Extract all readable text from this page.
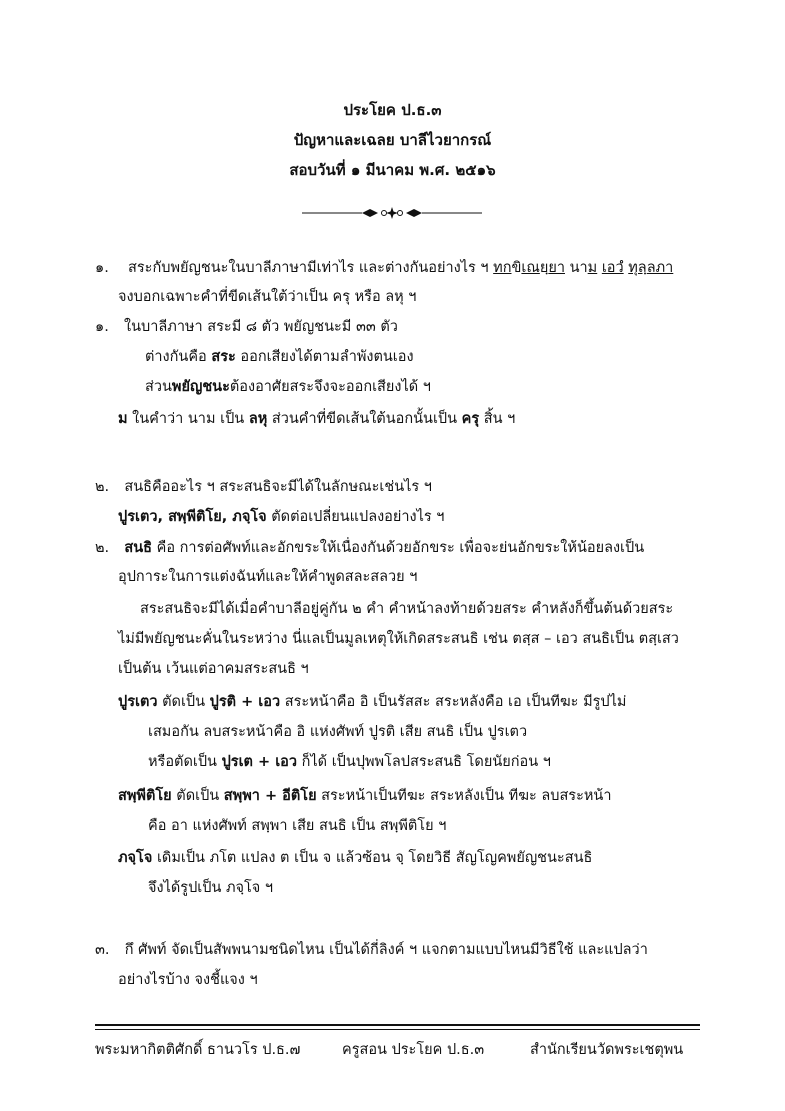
ประโยค ป.ธ.๓
ปัญหาและเฉลย บาลีไวยากรณ์
สอบวันที่ ๑ มีนาคม พ.ศ. ๒๕๑๖
๑. สระกับพยัญชนะในบาลีภาษามีเท่าไร และต่างกันอย่างไร ฯ ทกขิเณยฺยา นาม เอวํ ทุลฺลภา
จงบอกเฉพาะคำที่ขีดเส้นใต้ว่าเป็น ครุ หรือ ลหุ ฯ
๑. ในบาลีภาษา สระมี ๘ ตัว พยัญชนะมี ๓๓ ตัว
ต่างกันคือ สระ ออกเสียงได้ตามลำพังตนเอง
ส่วนพยัญชนะต้องอาศัยสระจึงจะออกเสียงได้ ฯ
ม ในคำว่า นาม เป็น ลหุ ส่วนคำที่ขีดเส้นใต้นอกนั้นเป็น ครุ สิ้น ฯ
๒. สนธิคืออะไร ฯ สระสนธิจะมีได้ในลักษณะเช่นไร ฯ
ปูรเตว, สพฺพีติโย, ภจฺโจ ตัดต่อเปลี่ยนแปลงอย่างไร ฯ
๒. สนธิ คือ การต่อศัพท์และอักขระให้เนื่องกันด้วยอักขระ เพื่อจะย่นอักขระให้น้อยลงเป็น
อุปการะในการแต่งฉันท์และให้คำพูดสละสลวย ฯ
สระสนธิจะมีได้เมื่อคำบาลีอยู่คู่กัน ๒ คำ คำหน้าลงท้ายด้วยสระ คำหลังก็ขึ้นต้นด้วยสระ
ไม่มีพยัญชนะคั่นในระหว่าง นี่แลเป็นมูลเหตุให้เกิดสระสนธิ เช่น ตสฺส – เอว สนธิเป็น ตสฺเสว
เป็นต้น เว้นแต่อาคมสระสนธิ ฯ
ปูรเตว ตัดเป็น ปูรติ + เอว สระหน้าคือ อิ เป็นรัสสะ สระหลังคือ เอ เป็นทีฆะ มีรูปไม่
เสมอกัน ลบสระหน้าคือ อิ แห่งศัพท์ ปูรติ เสีย สนธิ เป็น ปูรเตว
หรือตัดเป็น ปูรเต + เอว ก็ได้ เป็นปุพพโลปสระสนธิ โดยนัยก่อน ฯ
สพฺพีติโย ตัดเป็น สพฺพา + อีติโย สระหน้าเป็นทีฆะ สระหลังเป็น ทีฆะ ลบสระหน้า
คือ อา แห่งศัพท์ สพฺพา เสีย สนธิ เป็น สพฺพีติโย ฯ
ภจฺโจ เดิมเป็น ภโต แปลง ต เป็น จ แล้วซ้อน จฺ โดยวิธี สัญโญคพยัญชนะสนธิ
จึงได้รูปเป็น ภจฺโจ ฯ
๓. กึ ศัพท์ จัดเป็นสัพพนามชนิดไหน เป็นได้กี่ลิงค์ ฯ แจกตามแบบไหนมีวิธีใช้ และแปลว่า
อย่างไรบ้าง จงชี้แจง ฯ
พระมหากิตติศักดิ์ ธานวโร ป.ธ.๗	ครูสอน ประโยค ป.ธ.๓	สำนักเรียนวัดพระเชตุพน
